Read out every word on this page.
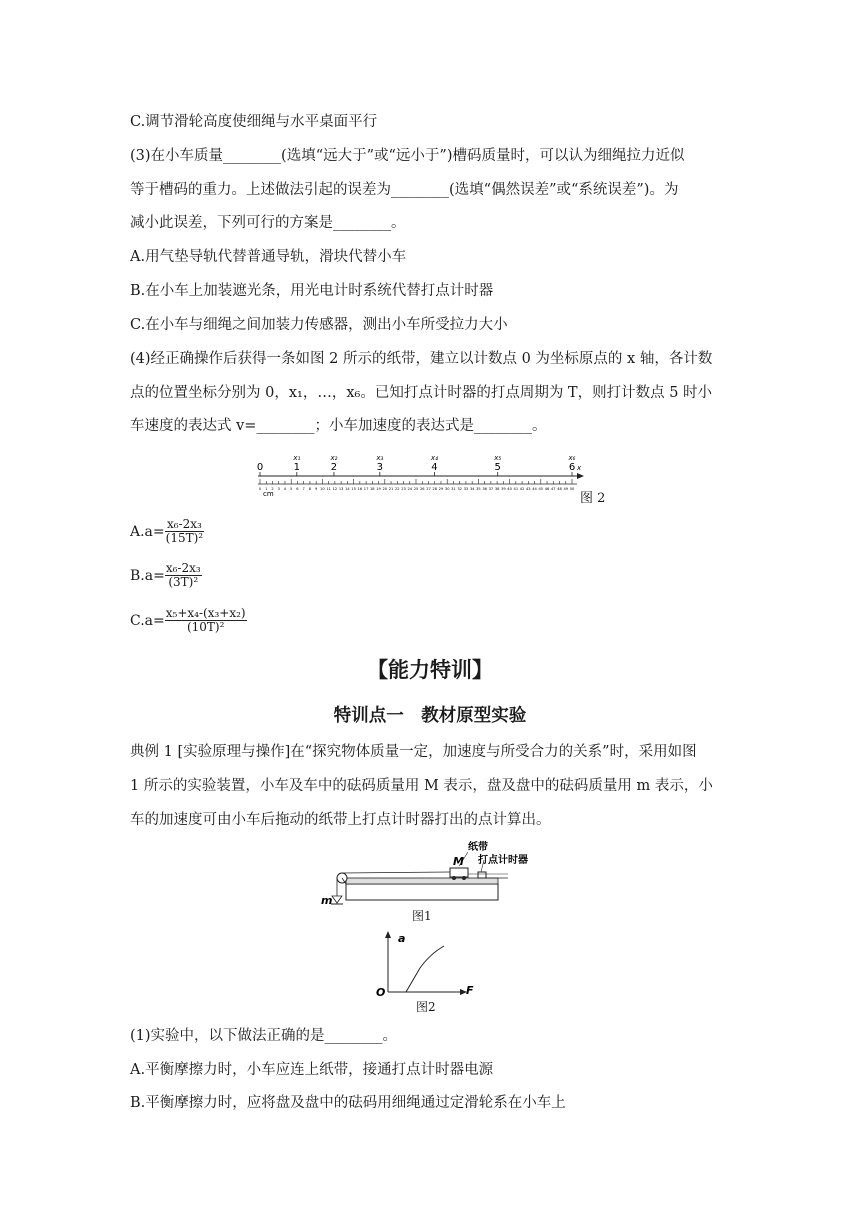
C.调节滑轮高度使细绳与水平桌面平行
(3)在小车质量________(选填“远大于”或“远小于”)槽码质量时，可以认为细绳拉力近似
等于槽码的重力。上述做法引起的误差为________(选填“偶然误差”或“系统误差”)。为
减小此误差，下列可行的方案是________。
A.用气垫导轨代替普通导轨，滑块代替小车
B.在小车上加装遮光条，用光电计时系统代替打点计时器
C.在小车与细绳之间加装力传感器，测出小车所受拉力大小
(4)经正确操作后获得一条如图 2 所示的纸带，建立以计数点 0 为坐标原点的 x 轴，各计数
点的位置坐标分别为 0，x₁，…，x₆。已知打点计时器的打点周期为 T，则打计数点 5 时小
车速度的表达式 v=________；小车加速度的表达式是________。
0	1	2	3	4	5	6
x₁	x₂	x₃	x₄	x₅	x₆
x
0 1 2 3 4 5 6 7 8 9 10 11 12 13 14 15 16 17 18 19 20 21 22 23 24 25 26 27 28 29 30 31 32 33 34 35 36 37 38 39 40 41 42 43 44 45 46 47 48 49 50
cm	图 2
$A.a= \frac{\text{x₆-2x₃}}{\text{(15T)²}}$
$B.a= \frac{\text{x₆-2x₃}}{\text{(3T)²}}$
$C.a= \frac{\text{x₅+x₄-(x₃+x₂)}}{\text{(10T)²}}$
【能力特训】
特训点一　教材原型实验
典例 1 [实验原理与操作]在“探究物体质量一定，加速度与所受合力的关系”时，采用如图
1 所示的实验装置，小车及车中的砝码质量用 M 表示，盘及盘中的砝码质量用 m 表示，小
车的加速度可由小车后拖动的纸带上打点计时器打出的点计算出。
M
纸带
打点计时器
m
图1
a
O	F
图2
(1)实验中，以下做法正确的是________。
A.平衡摩擦力时，小车应连上纸带，接通打点计时器电源
B.平衡摩擦力时，应将盘及盘中的砝码用细绳通过定滑轮系在小车上
